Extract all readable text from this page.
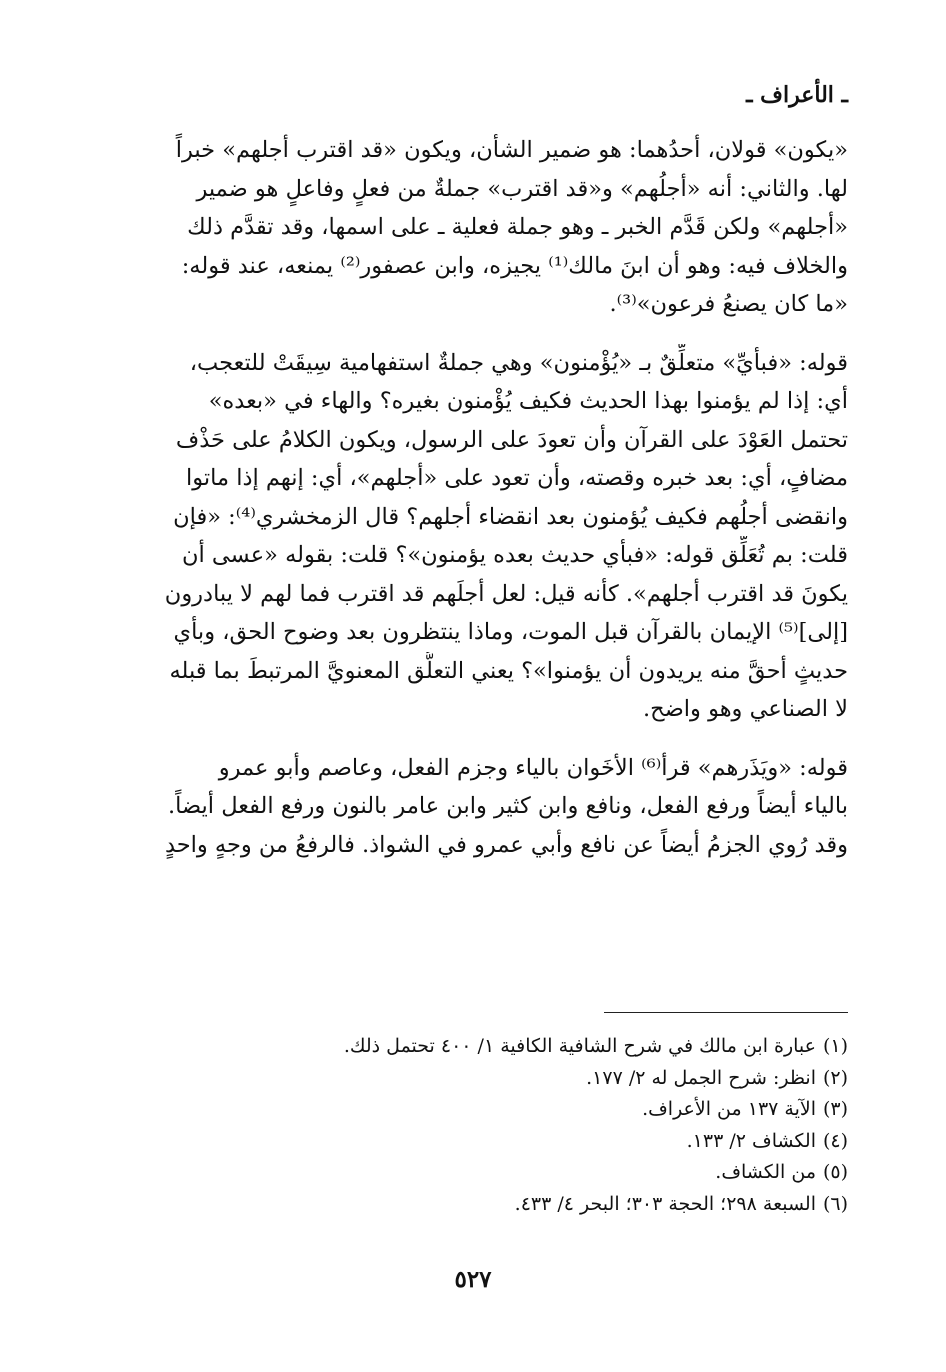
ـ الأعراف ـ

«يكون» قولان، أحدُهما: هو ضمير الشأن، ويكون «قد اقترب أجلهم» خبراً
لها. والثاني: أنه «أجلُهم» و«قد اقترب» جملةٌ من فعلٍ وفاعلٍ هو ضمير
«أجلهم» ولكن قَدَّم الخبر ـ وهو جملة فعلية ـ على اسمها، وقد تقدَّم ذلك
والخلاف فيه: وهو أن ابنَ مالك⁽¹⁾ يجيزه، وابن عصفور⁽²⁾ يمنعه، عند قوله:
«ما كان يصنعُ فرعون»⁽³⁾.

قوله: «فبأيِّ» متعلِّقٌ بـ «يُؤْمنون» وهي جملةٌ استفهامية سِيقَتْ للتعجب،
أي: إذا لم يؤمنوا بهذا الحديث فكيف يُؤْمنون بغيره؟ والهاء في «بعده»
تحتمل العَوْدَ على القرآن وأن تعودَ على الرسول، ويكون الكلامُ على حَذْف
مضافٍ، أي: بعد خبره وقصته، وأن تعود على «أجلهم»، أي: إنهم إذا ماتوا
وانقضى أجلُهم فكيف يُؤمنون بعد انقضاء أجلهم؟ قال الزمخشري⁽⁴⁾: «فإن
قلت: بم تُعَلِّق قوله: «فبأي حديث بعده يؤمنون»؟ قلت: بقوله «عسى أن
يكونَ قد اقترب أجلهم». كأنه قيل: لعل أجلَهم قد اقترب فما لهم لا يبادرون
[إلى]⁽⁵⁾ الإيمان بالقرآن قبل الموت، وماذا ينتظرون بعد وضوح الحق، وبأي
حديثٍ أحقَّ منه يريدون أن يؤمنوا»؟ يعني التعلُّق المعنويَّ المرتبطَ بما قبله
لا الصناعي وهو واضح.

قوله: «ويَذَرهم» قرأ⁽⁶⁾ الأخَوان بالياء وجزم الفعل، وعاصم وأبو عمرو
بالياء أيضاً ورفع الفعل، ونافع وابن كثير وابن عامر بالنون ورفع الفعل أيضاً.
وقد رُوي الجزمُ أيضاً عن نافع وأبي عمرو في الشواذ. فالرفعُ من وجهٍ واحدٍ

(١)عبارة ابن مالك في شرح الشافية الكافية ١/ ٤٠٠ تحتمل ذلك.
(٢)انظر: شرح الجمل له ٢/ ١٧٧.
(٣)الآية ١٣٧ من الأعراف.
(٤)الكشاف ٢/ ١٣٣.
(٥)من الكشاف.
(٦)السبعة ٢٩٨؛ الحجة ٣٠٣؛ البحر ٤/ ٤٣٣.
٥٢٧
